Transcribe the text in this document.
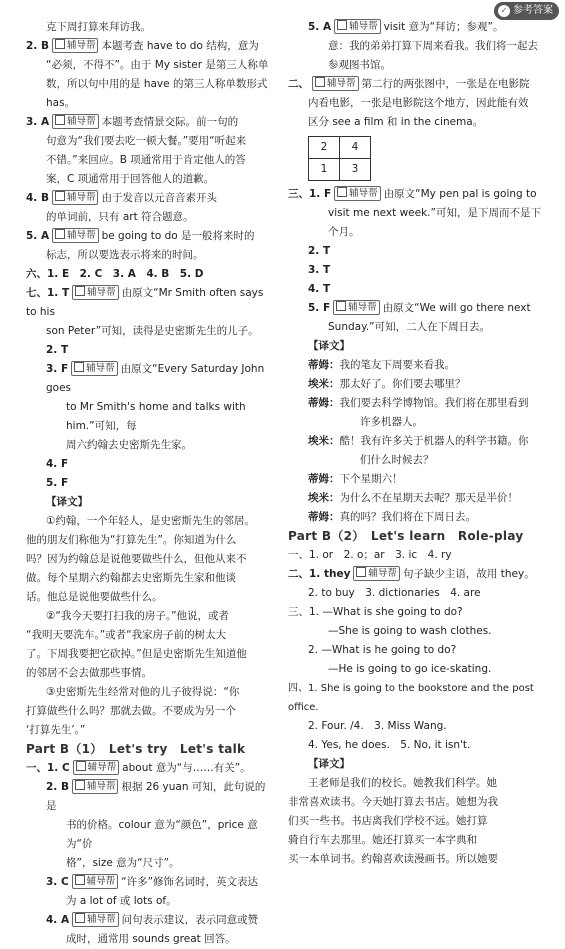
✓ 参考答案

克下周打算来拜访我。

2. B 辅导帮 本题考查 have to do 结构，意为

“必须，不得不”。由于 My sister 是第三人称单

数，所以句中用的是 have 的第三人称单数形式

has。

3. A 辅导帮 本题考查情景交际。前一句的

句意为“我们要去吃一顿大餐。”要用“听起来

不错。”来回应。B 项通常用于肯定他人的答

案，C 项通常用于回答他人的道歉。

4. B 辅导帮 由于发音以元音音素开头

的单词前，只有 art 符合题意。

5. A 辅导帮 be going to do 是一般将来时的

标志，所以要选表示将来的时间。

六、1. E　2. C　3. A　4. B　5. D

七、1. T 辅导帮 由原文“Mr Smith often says to his

son Peter”可知，读得是史密斯先生的儿子。

2. T

3. F 辅导帮 由原文“Every Saturday John goes

to Mr Smith's home and talks with him.”可知，每

周六约翰去史密斯先生家。

4. F

5. F

【译文】

①约翰，一个年轻人，是史密斯先生的邻居。

他的朋友们称他为“打算先生”。你知道为什么

吗？因为约翰总是说他要做些什么，但他从来不

做。每个星期六约翰都去史密斯先生家和他谈

话。他总是说他要做些什么。

②“我今天要打扫我的房子。”他说，或者

“我明天要洗车。”或者“我家房子前的树太大

了。下周我要把它砍掉。”但是史密斯先生知道他

的邻居不会去做那些事情。

③史密斯先生经常对他的儿子彼得说：“你

打算做些什么吗？那就去做。不要成为另一个

‘打算先生’。”

Part B（1）　Let's try　Let's talk

一、1. C 辅导帮 about 意为“与……有关”。

2. B 辅导帮 根据 26 yuan 可知，此句说的是

书的价格。colour 意为“颜色”，price 意为“价

格”，size 意为“尺寸”。

3. C 辅导帮 “许多”修饰名词时，英文表达

为 a lot of 或 lots of。

4. A 辅导帮 问句表示建议，表示同意或赞

成时，通常用 sounds great 回答。

5. A 辅导帮 visit 意为“拜访；参观”。

意：我的弟弟打算下周来看我。我们将一起去

参观图书馆。

二、 辅导帮 第二行的两张图中，一张是在电影院

内看电影，一张是电影院这个地方，因此能有效

区分 see a film 和 in the cinema。

2	4
1	3

三、1. F 辅导帮 由原文“My pen pal is going to

visit me next week.”可知，是下周而不是下

个月。

2. T

3. T

4. T

5. F 辅导帮 由原文“We will go there next

Sunday.”可知，二人在下周日去。

【译文】

蒂姆：我的笔友下周要来看我。

埃米：那太好了。你们要去哪里？

蒂姆：我们要去科学博物馆。我们将在那里看到

许多机器人。

埃米：酷！我有许多关于机器人的科学书籍。你

们什么时候去？

蒂姆：下个星期六！

埃米：为什么不在星期天去呢？那天是半价！

蒂姆：真的吗？我们将在下周日去。

Part B（2）　Let's learn　Role-play

一、1. or　2. o；ar　3. ic　4. ry

二、1. they 辅导帮 句子缺少主语，故用 they。

2. to buy　3. dictionaries　4. are

三、1. —What is she going to do?

—She is going to wash clothes.

2. —What is he going to do?

—He is going to go ice-skating.

四、1. She is going to the bookstore and the post office.

2. Four. /4.　3. Miss Wang.

4. Yes, he does.　5. No, it isn't.

【译文】

王老师是我们的校长。她教我们科学。她

非常喜欢读书。今天她打算去书店。她想为我

们买一些书。书店离我们学校不远。她打算

骑自行车去那里。她还打算买一本字典和

买一本单词书。约翰喜欢读漫画书。所以她要
